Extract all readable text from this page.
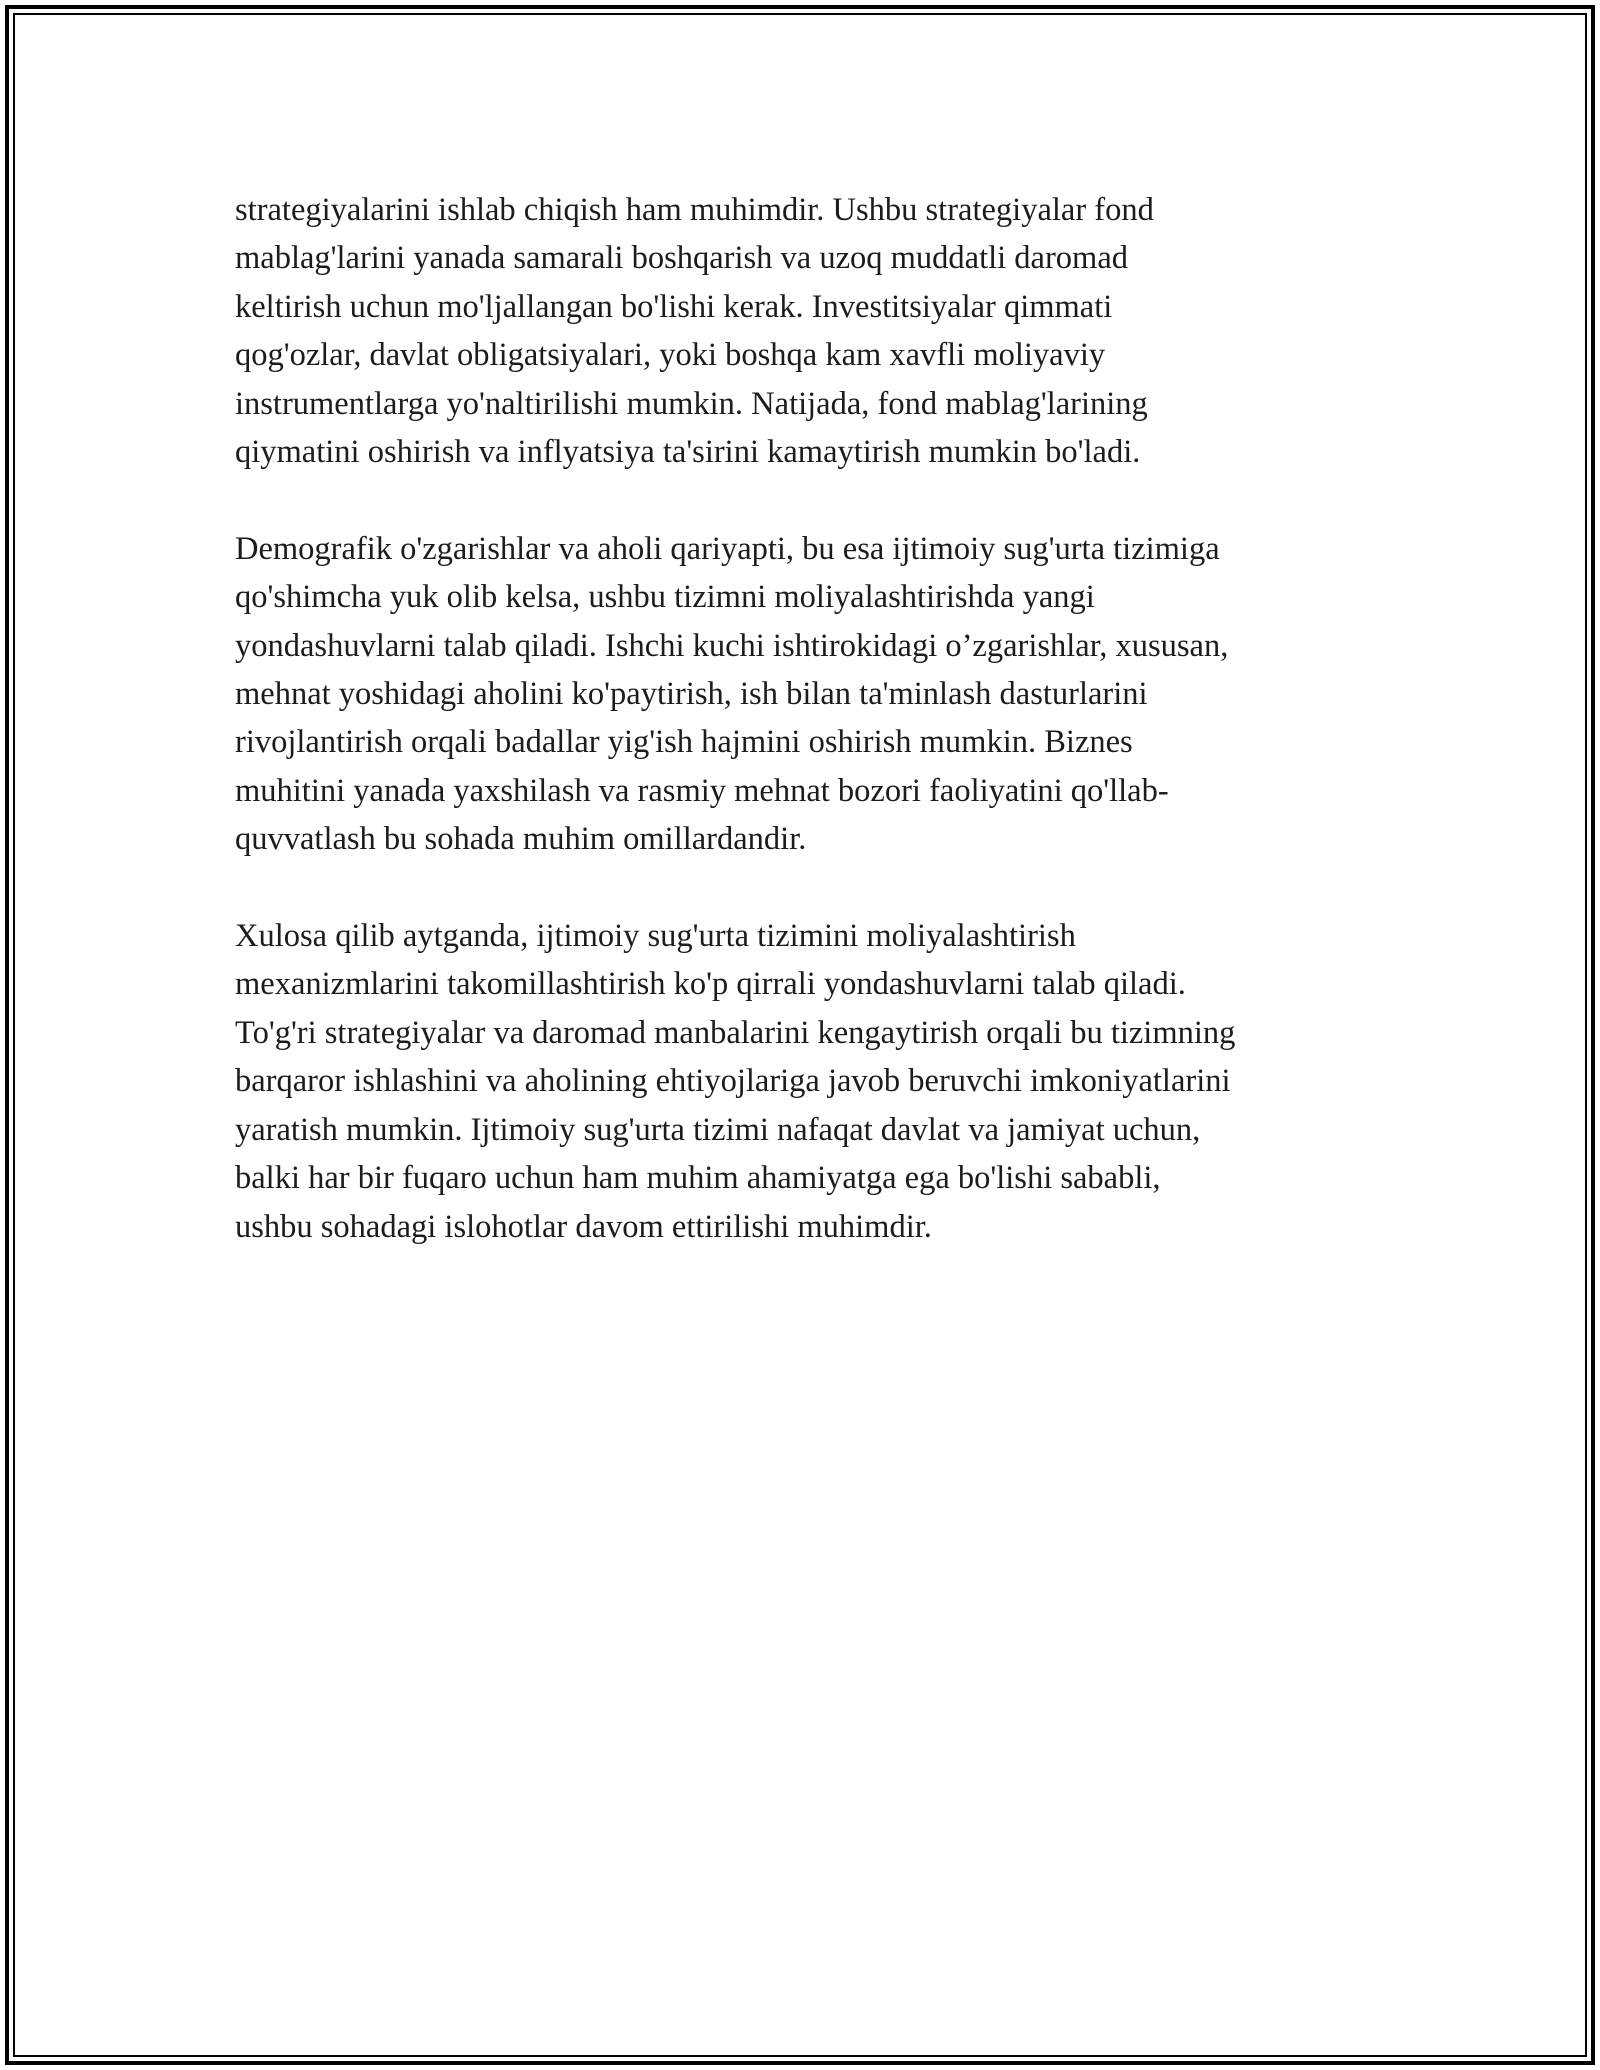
strategiyalarini ishlab chiqish ham muhimdir. Ushbu strategiyalar fond
mablag'larini yanada samarali boshqarish va uzoq muddatli daromad
keltirish uchun mo'ljallangan bo'lishi kerak. Investitsiyalar qimmati
qog'ozlar, davlat obligatsiyalari, yoki boshqa kam xavfli moliyaviy
instrumentlarga yo'naltirilishi mumkin. Natijada, fond mablag'larining
qiymatini oshirish va inflyatsiya ta'sirini kamaytirish mumkin bo'ladi.

Demografik o'zgarishlar va aholi qariyapti, bu esa ijtimoiy sug'urta tizimiga
qo'shimcha yuk olib kelsa, ushbu tizimni moliyalashtirishda yangi
yondashuvlarni talab qiladi. Ishchi kuchi ishtirokidagi o’zgarishlar, xususan,
mehnat yoshidagi aholini ko'paytirish, ish bilan ta'minlash dasturlarini
rivojlantirish orqali badallar yig'ish hajmini oshirish mumkin. Biznes
muhitini yanada yaxshilash va rasmiy mehnat bozori faoliyatini qo'llab-
quvvatlash bu sohada muhim omillardandir.

Xulosa qilib aytganda, ijtimoiy sug'urta tizimini moliyalashtirish
mexanizmlarini takomillashtirish ko'p qirrali yondashuvlarni talab qiladi.
To'g'ri strategiyalar va daromad manbalarini kengaytirish orqali bu tizimning
barqaror ishlashini va aholining ehtiyojlariga javob beruvchi imkoniyatlarini
yaratish mumkin. Ijtimoiy sug'urta tizimi nafaqat davlat va jamiyat uchun,
balki har bir fuqaro uchun ham muhim ahamiyatga ega bo'lishi sababli,
ushbu sohadagi islohotlar davom ettirilishi muhimdir.
